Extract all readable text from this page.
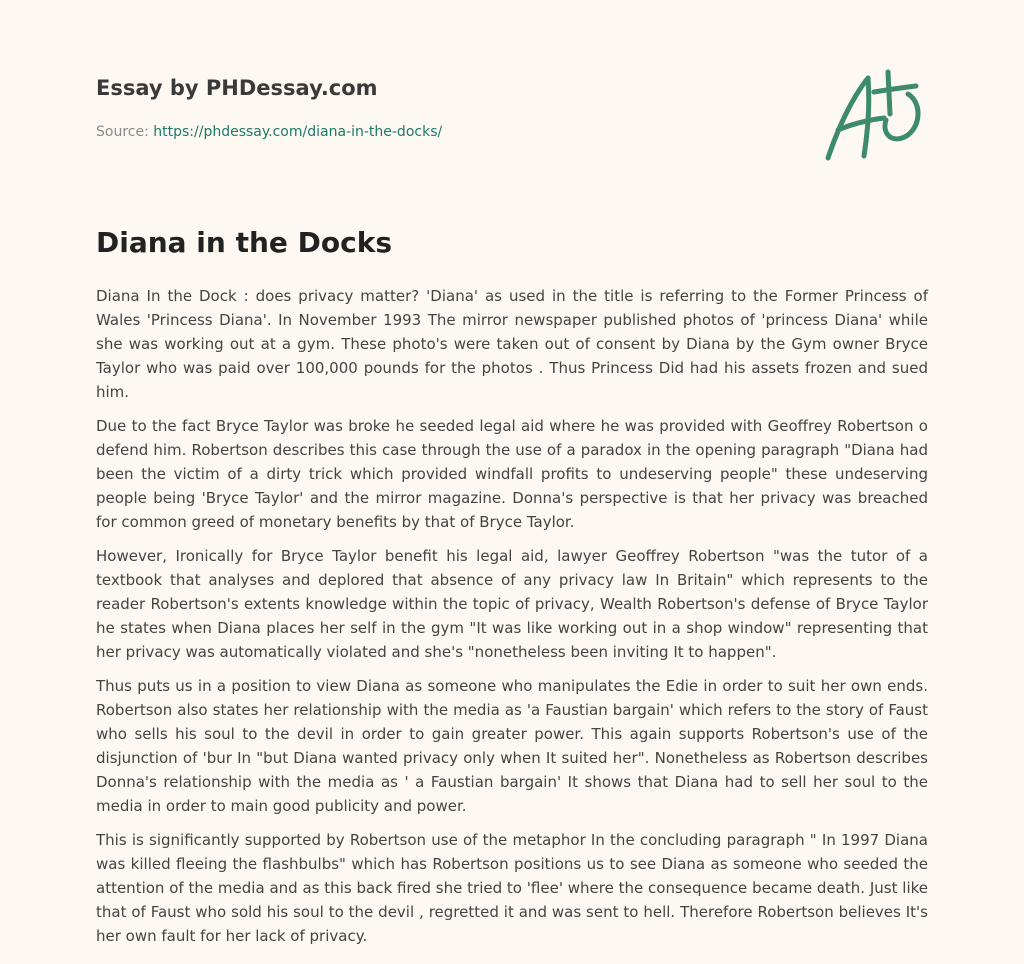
Essay by PHDessay.com
Source: https://phdessay.com/diana-in-the-docks/
Diana in the Docks

Diana In the Dock : does privacy matter? 'Diana' as used in the title is referring to the Former Princess of Wales 'Princess Diana'. In November 1993 The mirror newspaper published photos of 'princess Diana' while she was working out at a gym. These photo's were taken out of consent by Diana by the Gym owner Bryce Taylor who was paid over 100,000 pounds for the photos . Thus Princess Did had his assets frozen and sued him.

Due to the fact Bryce Taylor was broke he seeded legal aid where he was provided with Geoffrey Robertson o defend him. Robertson describes this case through the use of a paradox in the opening paragraph "Diana had been the victim of a dirty trick which provided windfall profits to undeserving people" these undeserving people being 'Bryce Taylor' and the mirror magazine. Donna's perspective is that her privacy was breached for common greed of monetary benefits by that of Bryce Taylor.

However, Ironically for Bryce Taylor benefit his legal aid, lawyer Geoffrey Robertson "was the tutor of a textbook that analyses and deplored that absence of any privacy law In Britain" which represents to the reader Robertson's extents knowledge within the topic of privacy, Wealth Robertson's defense of Bryce Taylor he states when Diana places her self in the gym "It was like working out in a shop window" representing that her privacy was automatically violated and she's "nonetheless been inviting It to happen".

Thus puts us in a position to view Diana as someone who manipulates the Edie in order to suit her own ends. Robertson also states her relationship with the media as 'a Faustian bargain' which refers to the story of Faust who sells his soul to the devil in order to gain greater power. This again supports Robertson's use of the disjunction of 'bur In "but Diana wanted privacy only when It suited her". Nonetheless as Robertson describes Donna's relationship with the media as ' a Faustian bargain' It shows that Diana had to sell her soul to the media in order to main good publicity and power.

This is significantly supported by Robertson use of the metaphor In the concluding paragraph " In 1997 Diana was killed fleeing the flashbulbs" which has Robertson positions us to see Diana as someone who seeded the attention of the media and as this back fired she tried to 'flee' where the consequence became death. Just like that of Faust who sold his soul to the devil , regretted it and was sent to hell. Therefore Robertson believes It's her own fault for her lack of privacy.
